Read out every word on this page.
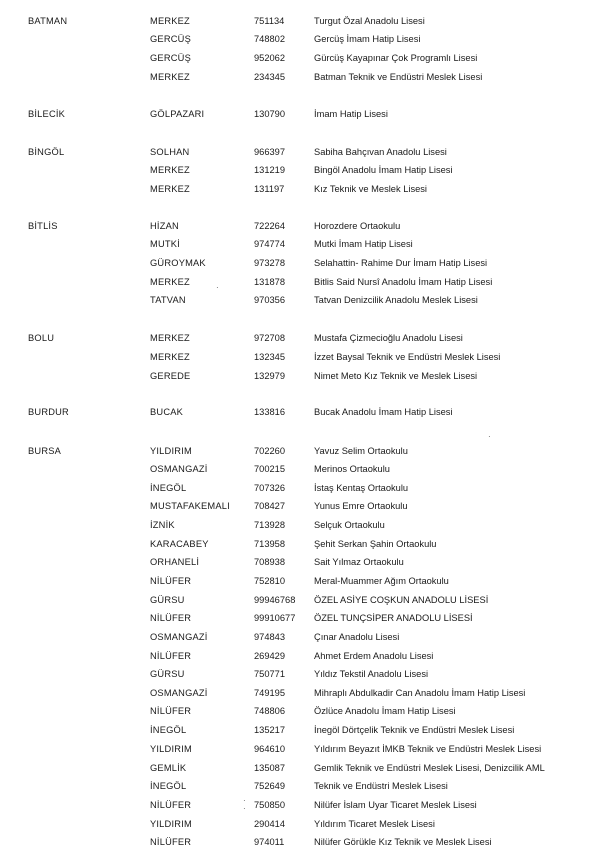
BATMAN	MERKEZ	751134	Turgut Özal Anadolu Lisesi
GERCÜŞ	748802	Gercüş İmam Hatip Lisesi
GERCÜŞ	952062	Gürcüş Kayapınar Çok Programlı Lisesi
MERKEZ	234345	Batman Teknik ve Endüstri Meslek Lisesi
BİLECİK	GÖLPAZARI	130790	İmam Hatip Lisesi
BİNGÖL	SOLHAN	966397	Sabiha Bahçıvan Anadolu Lisesi
MERKEZ	131219	Bingöl Anadolu İmam Hatip Lisesi
MERKEZ	131197	Kız Teknik ve Meslek Lisesi
BİTLİS	HİZAN	722264	Horozdere Ortaokulu
MUTKİ	974774	Mutki İmam Hatip Lisesi
GÜROYMAK	973278	Selahattin- Rahime Dur İmam Hatip Lisesi
MERKEZ	131878	Bitlis Said Nursî Anadolu İmam Hatip Lisesi
TATVAN	970356	Tatvan Denizcilik Anadolu Meslek Lisesi
BOLU	MERKEZ	972708	Mustafa Çizmecioğlu Anadolu Lisesi
MERKEZ	132345	İzzet Baysal Teknik ve Endüstri Meslek Lisesi
GEREDE	132979	Nimet Meto Kız Teknik ve Meslek Lisesi
BURDUR	BUCAK	133816	Bucak Anadolu İmam Hatip Lisesi
BURSA	YILDIRIM	702260	Yavuz Selim Ortaokulu
OSMANGAZİ	700215	Merinos Ortaokulu
İNEGÖL	707326	İstaş Kentaş Ortaokulu
MUSTAFAKEMALI	708427	Yunus Emre Ortaokulu
İZNİK	713928	Selçuk Ortaokulu
KARACABEY	713958	Şehit Serkan Şahin Ortaokulu
ORHANELİ	708938	Sait Yılmaz Ortaokulu
NİLÜFER	752810	Meral-Muammer Ağım Ortaokulu
GÜRSU	99946768 ÖZEL ASİYE COŞKUN ANADOLU LİSESİ
NİLÜFER	99910677 ÖZEL TUNÇSİPER ANADOLU LİSESİ
OSMANGAZİ	974843	Çınar Anadolu Lisesi
NİLÜFER	269429	Ahmet Erdem Anadolu Lisesi
GÜRSU	750771	Yıldız Tekstil Anadolu Lisesi
OSMANGAZİ	749195	Mihraplı Abdulkadir Can Anadolu İmam Hatip Lisesi
NİLÜFER	748806	Özlüce Anadolu İmam Hatip Lisesi
İNEGÖL	135217	İnegöl Dörtçelik Teknik ve Endüstri Meslek Lisesi
YILDIRIM	964610	Yıldırım Beyazıt İMKB Teknik ve Endüstri Meslek Lisesi
GEMLİK	135087	Gemlik Teknik ve Endüstri Meslek Lisesi, Denizcilik AML
İNEGÖL	752649	Teknik ve Endüstri Meslek Lisesi
NİLÜFER	750850	Nilüfer İslam Uyar Ticaret Meslek Lisesi
YILDIRIM	290414	Yıldırım Ticaret Meslek Lisesi
NİLÜFER	974011	Nilüfer Görükle Kız Teknik ve Meslek Lisesi
·
·
·
·
